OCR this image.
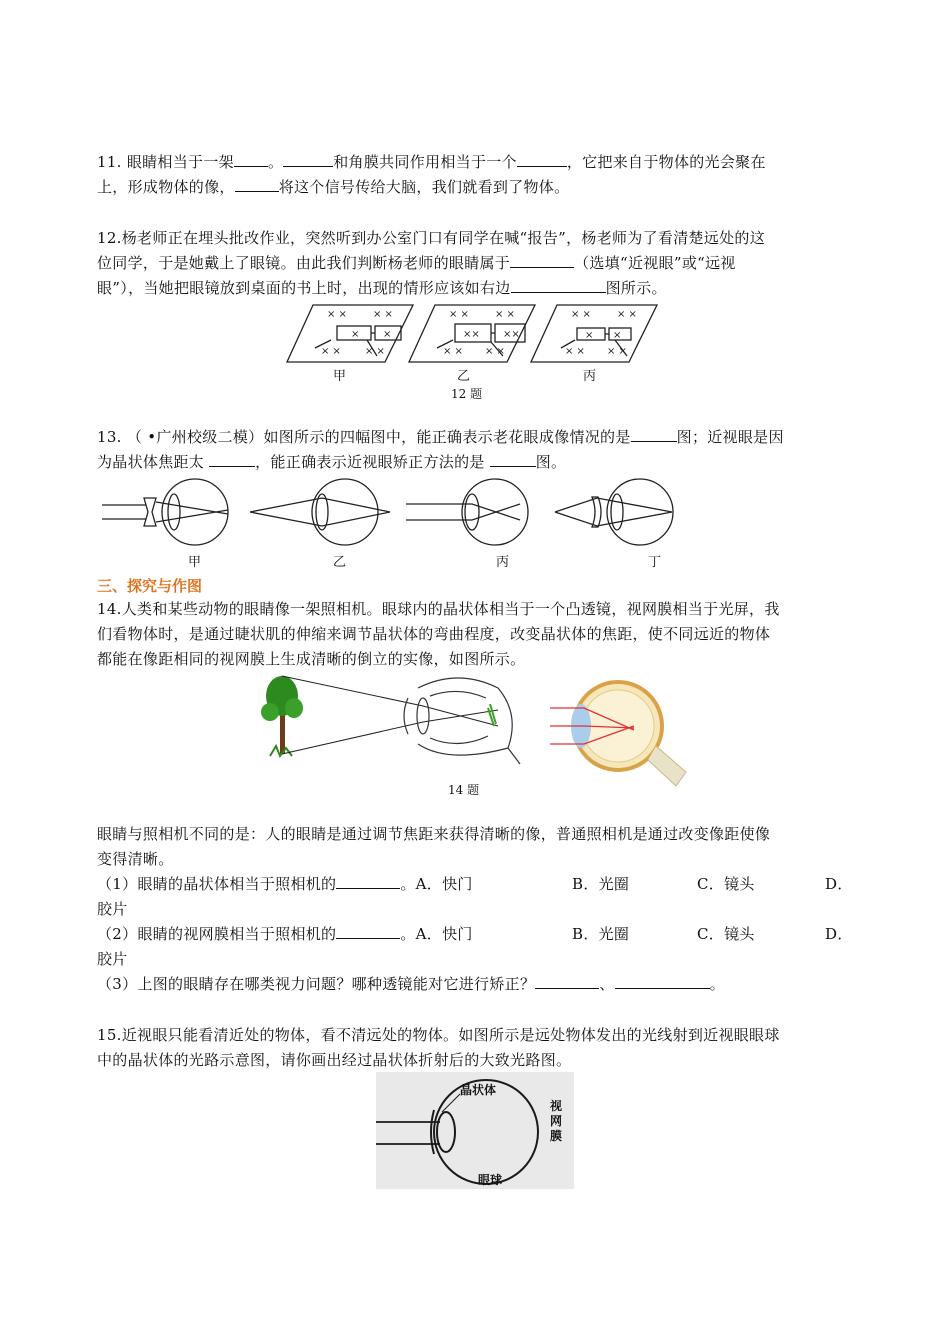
11. 眼睛相当于一架 。	和角膜共同作用相当于一个	，它把来自于物体的光会聚在
上，形成物体的像，	将这个信号传给大脑，我们就看到了物体。
12.杨老师正在埋头批改作业，突然听到办公室门口有同学在喊“报告”，杨老师为了看清楚远处的这
位同学，于是她戴上了眼镜。由此我们判断杨老师的眼睛属于	（选填“近视眼”或“远视
眼”），当她把眼镜放到桌面的书上时，出现的情形应该如右边	图所示。
× ×	× ×	× ×	× ×	× ×	× ×
× ×	×× ××	× ×
× × × ×	× × × ×	× × × ×
甲	乙	丙
12 题
13. （ •广州校级二模）如图所示的四幅图中，能正确表示老花眼成像情况的是	图；近视眼是因
为晶状体焦距太	，能正确表示近视眼矫正方法的是	图。
甲	乙	丙	丁
三、探究与作图
14.人类和某些动物的眼睛像一架照相机。眼球内的晶状体相当于一个凸透镜，视网膜相当于光屏，我
们看物体时，是通过睫状肌的伸缩来调节晶状体的弯曲程度，改变晶状体的焦距，使不同远近的物体
都能在像距相同的视网膜上生成清晰的倒立的实像，如图所示。
14 题
眼睛与照相机不同的是：人的眼睛是通过调节焦距来获得清晰的像，普通照相机是通过改变像距使像
变得清晰。
（1）眼睛的晶状体相当于照相机的	。A．快门	B．光圈	C．镜头	D．

胶片
（2）眼睛的视网膜相当于照相机的	。A．快门	B．光圈	C．镜头	D．

胶片
（3）上图的眼睛存在哪类视力问题？哪种透镜能对它进行矫正？	、	。
15.近视眼只能看清近处的物体，看不清远处的物体。如图所示是远处物体发出的光线射到近视眼眼球
中的晶状体的光路示意图，请你画出经过晶状体折射后的大致光路图。
晶状体
视
网
膜
眼球
